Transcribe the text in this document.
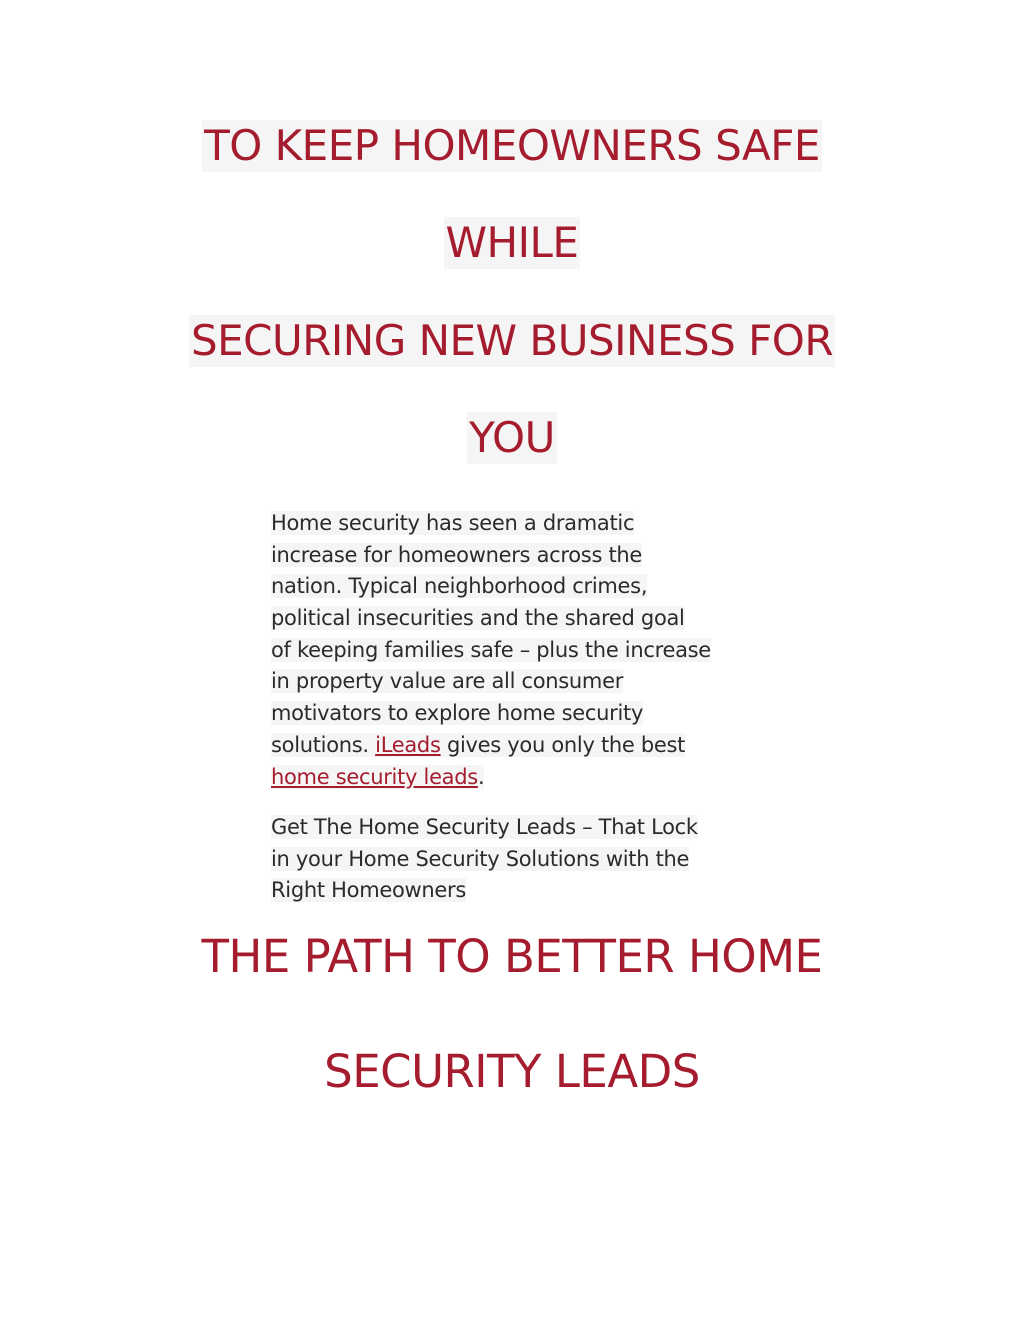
TO KEEP HOMEOWNERS SAFE
WHILE
SECURING NEW BUSINESS FOR
YOU
Home security has seen a dramatic
increase for homeowners across the
nation. Typical neighborhood crimes,
political insecurities and the shared goal
of keeping families safe – plus the increase
in property value are all consumer
motivators to explore home security
solutions. iLeads gives you only the best
home security leads.
Get The Home Security Leads – That Lock
in your Home Security Solutions with the
Right Homeowners
THE PATH TO BETTER HOME
SECURITY LEADS
